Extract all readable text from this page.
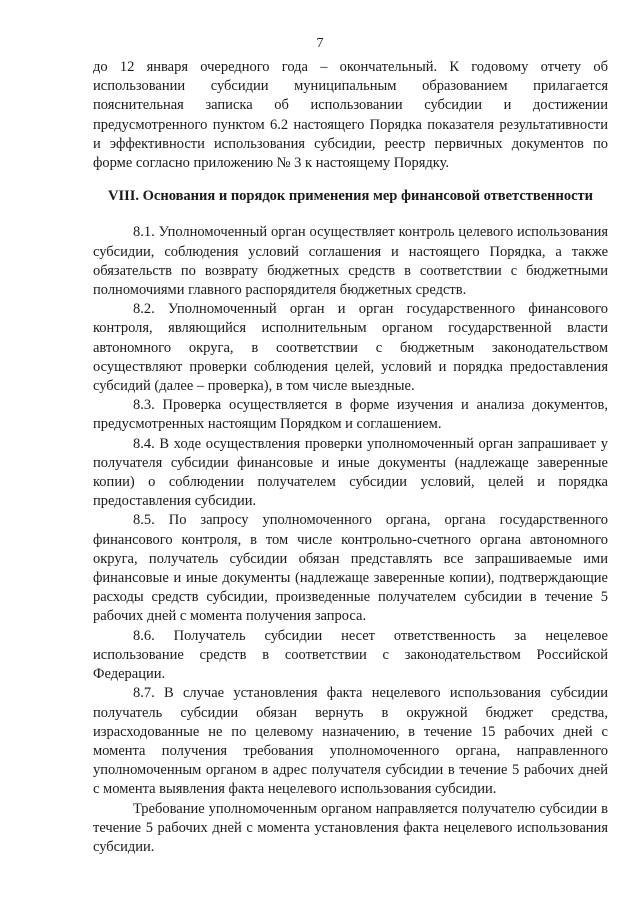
7

до 12 января очередного года – окончательный. К годовому отчету об использовании субсидии муниципальным образованием прилагается пояснительная записка об использовании субсидии и достижении предусмотренного пунктом 6.2 настоящего Порядка показателя результативности и эффективности использования субсидии, реестр первичных документов по форме согласно приложению № 3 к настоящему Порядку.

VIII. Основания и порядок применения мер финансовой ответственности

8.1. Уполномоченный орган осуществляет контроль целевого использования субсидии, соблюдения условий соглашения и настоящего Порядка, а также обязательств по возврату бюджетных средств в соответствии с бюджетными полномочиями главного распорядителя бюджетных средств.

8.2. Уполномоченный орган и орган государственного финансового контроля, являющийся исполнительным органом государственной власти автономного округа, в соответствии с бюджетным законодательством осуществляют проверки соблюдения целей, условий и порядка предоставления субсидий (далее – проверка), в том числе выездные.

8.3. Проверка осуществляется в форме изучения и анализа документов, предусмотренных настоящим Порядком и соглашением.

8.4. В ходе осуществления проверки уполномоченный орган запрашивает у получателя субсидии финансовые и иные документы (надлежаще заверенные копии) о соблюдении получателем субсидии условий, целей и порядка предоставления субсидии.

8.5. По запросу уполномоченного органа, органа государственного финансового контроля, в том числе контрольно-счетного органа автономного округа, получатель субсидии обязан представлять все запрашиваемые ими финансовые и иные документы (надлежаще заверенные копии), подтверждающие расходы средств субсидии, произведенные получателем субсидии в течение 5 рабочих дней с момента получения запроса.

8.6. Получатель субсидии несет ответственность за нецелевое использование средств в соответствии с законодательством Российской Федерации.

8.7. В случае установления факта нецелевого использования субсидии получатель субсидии обязан вернуть в окружной бюджет средства, израсходованные не по целевому назначению, в течение 15 рабочих дней с момента получения требования уполномоченного органа, направленного уполномоченным органом в адрес получателя субсидии в течение 5 рабочих дней с момента выявления факта нецелевого использования субсидии.

Требование уполномоченным органом направляется получателю субсидии в течение 5 рабочих дней с момента установления факта нецелевого использования субсидии.
